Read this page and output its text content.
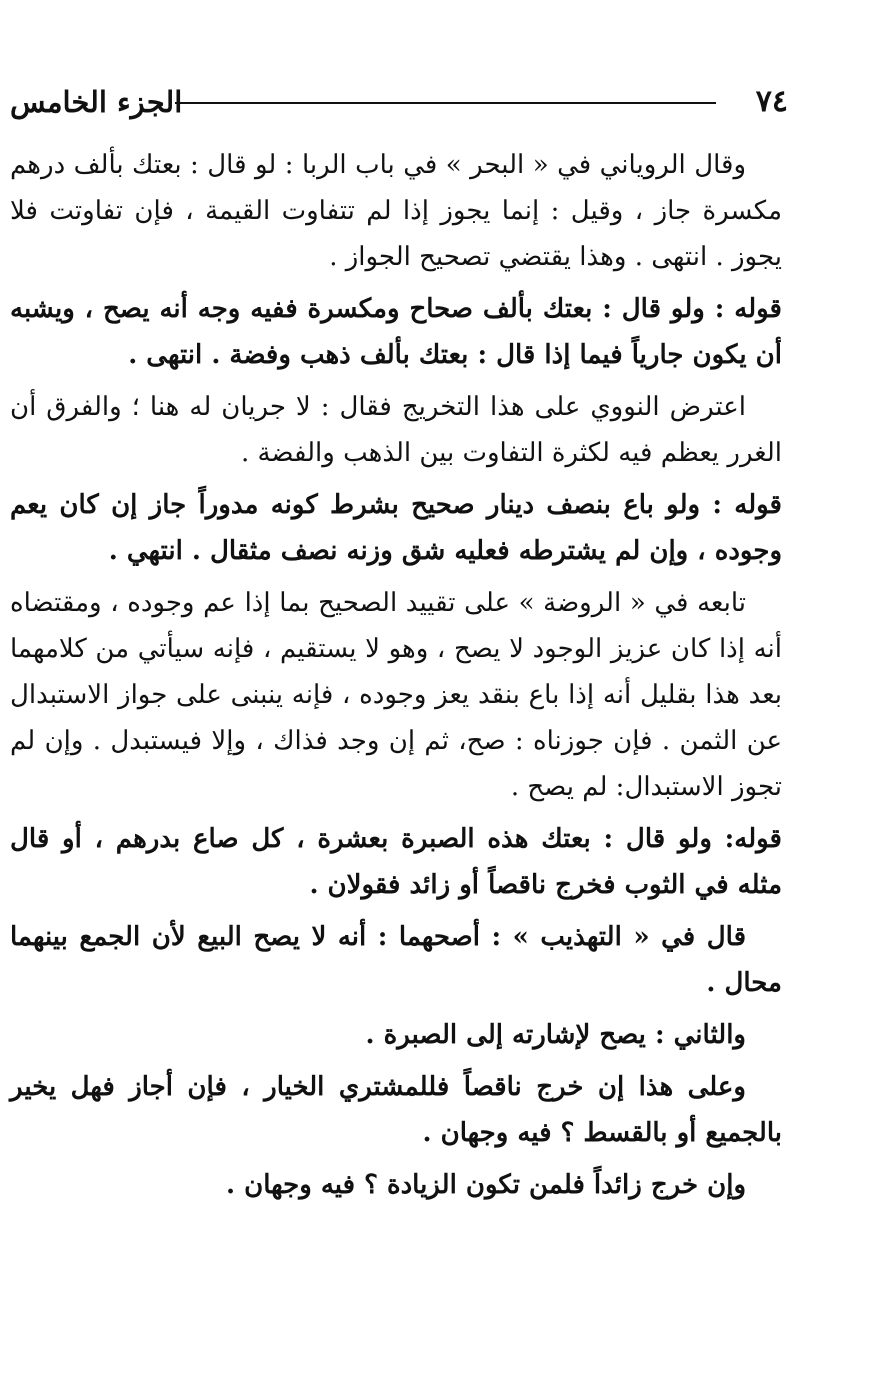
٧٤
الجزء الخامس

وقال الروياني في « البحر » في باب الربا : لو قال : بعتك بألف درهم مكسرة جاز ، وقيل : إنما يجوز إذا لم تتفاوت القيمة ، فإن تفاوتت فلا يجوز . انتهى . وهذا يقتضي تصحيح الجواز .

قوله : ولو قال : بعتك بألف صحاح ومكسرة ففيه وجه أنه يصح ، ويشبه أن يكون جارياً فيما إذا قال : بعتك بألف ذهب وفضة . انتهى .

اعترض النووي على هذا التخريج فقال : لا جريان له هنا ؛ والفرق أن الغرر يعظم فيه لكثرة التفاوت بين الذهب والفضة .

قوله : ولو باع بنصف دينار صحيح بشرط كونه مدوراً جاز إن كان يعم وجوده ، وإن لم يشترطه فعليه شق وزنه نصف مثقال . انتهي .

تابعه في « الروضة » على تقييد الصحيح بما إذا عم وجوده ، ومقتضاه أنه إذا كان عزيز الوجود لا يصح ، وهو لا يستقيم ، فإنه سيأتي من كلامهما بعد هذا بقليل أنه إذا باع بنقد يعز وجوده ، فإنه ينبنى على جواز الاستبدال عن الثمن . فإن جوزناه : صح، ثم إن وجد فذاك ، وإلا فيستبدل . وإن لم تجوز الاستبدال: لم يصح .

قوله: ولو قال : بعتك هذه الصبرة بعشرة ، كل صاع بدرهم ، أو قال مثله في الثوب فخرج ناقصاً أو زائد فقولان .

قال في « التهذيب » : أصحهما : أنه لا يصح البيع لأن الجمع بينهما محال .

والثاني : يصح لإشارته إلى الصبرة .

وعلى هذا إن خرج ناقصاً فللمشتري الخيار ، فإن أجاز فهل يخير بالجميع أو بالقسط ؟ فيه وجهان .

وإن خرج زائداً فلمن تكون الزيادة ؟ فيه وجهان .
